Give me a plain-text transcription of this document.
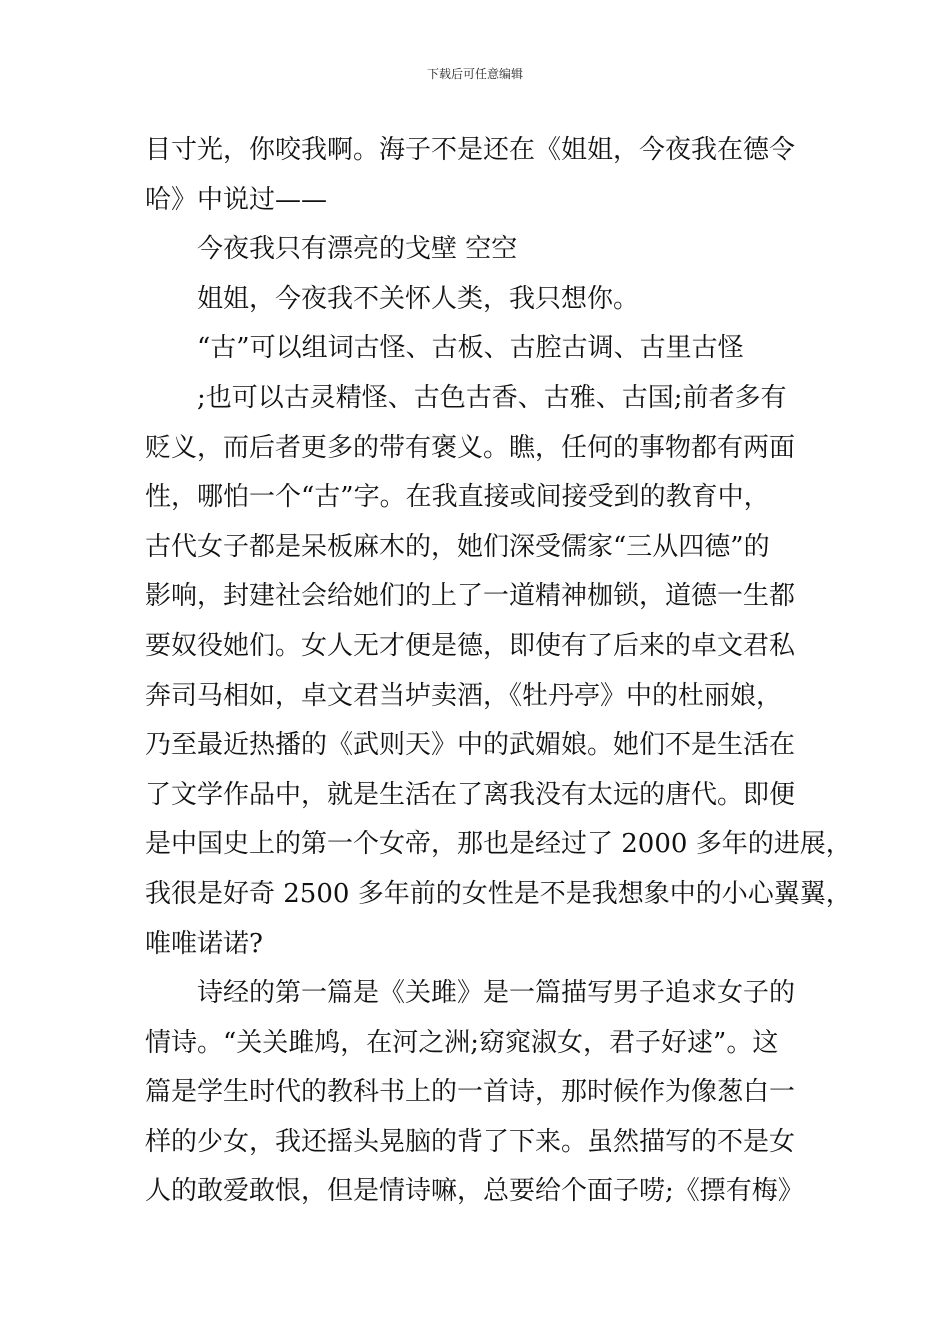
下载后可任意编辑
目寸光，你咬我啊。海子不是还在《姐姐，今夜我在德令
哈》中说过——
今夜我只有漂亮的戈壁 空空
姐姐，今夜我不关怀人类，我只想你。
“古”可以组词古怪、古板、古腔古调、古里古怪
;也可以古灵精怪、古色古香、古雅、古国;前者多有
贬义，而后者更多的带有褒义。瞧，任何的事物都有两面
性，哪怕一个“古”字。在我直接或间接受到的教育中，
古代女子都是呆板麻木的，她们深受儒家“三从四德”的
影响，封建社会给她们的上了一道精神枷锁，道德一生都
要奴役她们。女人无才便是德，即使有了后来的卓文君私
奔司马相如，卓文君当垆卖酒，《牡丹亭》中的杜丽娘，
乃至最近热播的《武则天》中的武媚娘。她们不是生活在
了文学作品中，就是生活在了离我没有太远的唐代。即便
是中国史上的第一个女帝，那也是经过了 2000 多年的进展，
我很是好奇 2500 多年前的女性是不是我想象中的小心翼翼，
唯唯诺诺?
诗经的第一篇是《关雎》是一篇描写男子追求女子的
情诗。“关关雎鸠，在河之洲;窈窕淑女，君子好逑”。这
篇是学生时代的教科书上的一首诗，那时候作为像葱白一
样的少女，我还摇头晃脑的背了下来。虽然描写的不是女
人的敢爱敢恨，但是情诗嘛，总要给个面子唠;《摽有梅》
